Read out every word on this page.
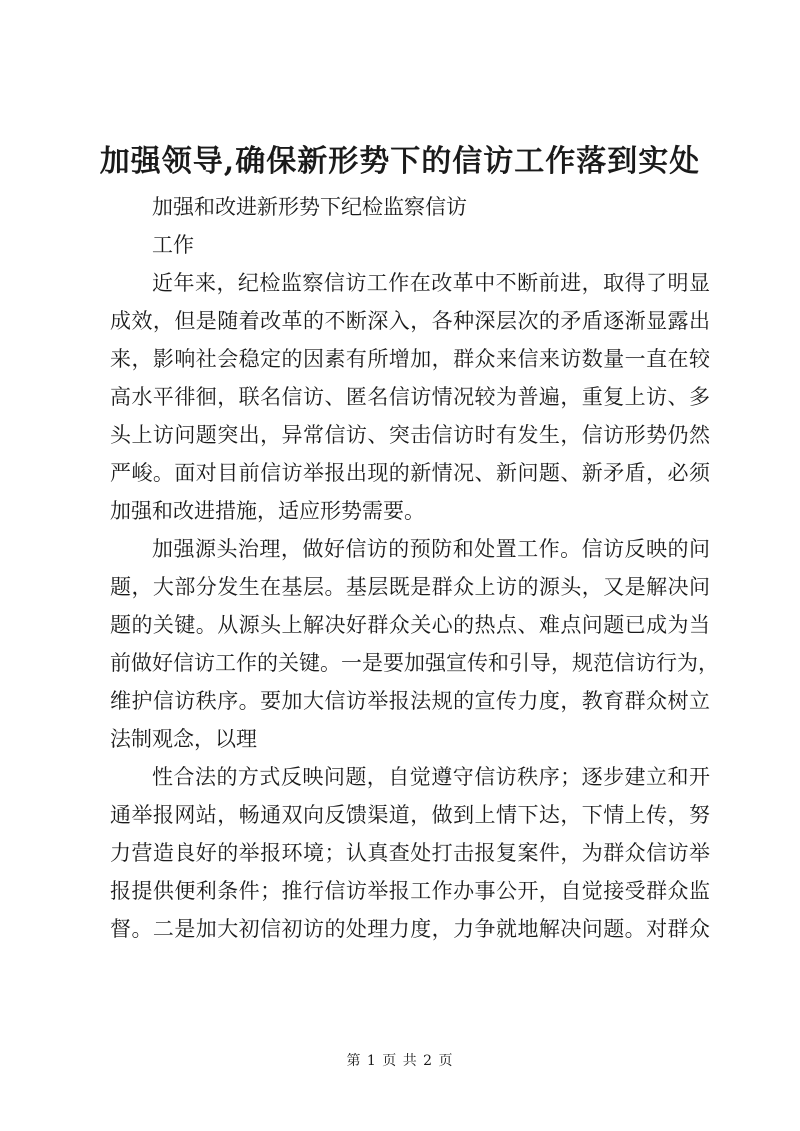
加强领导,确保新形势下的信访工作落到实处
加强和改进新形势下纪检监察信访
工作
近年来，纪检监察信访工作在改革中不断前进，取得了明显
成效，但是随着改革的不断深入，各种深层次的矛盾逐渐显露出
来，影响社会稳定的因素有所增加，群众来信来访数量一直在较
高水平徘徊，联名信访、匿名信访情况较为普遍，重复上访、多
头上访问题突出，异常信访、突击信访时有发生，信访形势仍然
严峻。面对目前信访举报出现的新情况、新问题、新矛盾，必须
加强和改进措施，适应形势需要。
加强源头治理，做好信访的预防和处置工作。信访反映的问
题，大部分发生在基层。基层既是群众上访的源头，又是解决问
题的关键。从源头上解决好群众关心的热点、难点问题已成为当
前做好信访工作的关键。一是要加强宣传和引导，规范信访行为，
维护信访秩序。要加大信访举报法规的宣传力度，教育群众树立
法制观念，以理
性合法的方式反映问题，自觉遵守信访秩序；逐步建立和开
通举报网站，畅通双向反馈渠道，做到上情下达，下情上传，努
力营造良好的举报环境；认真查处打击报复案件，为群众信访举
报提供便利条件；推行信访举报工作办事公开，自觉接受群众监
督。二是加大初信初访的处理力度，力争就地解决问题。对群众
第 1 页 共 2 页
